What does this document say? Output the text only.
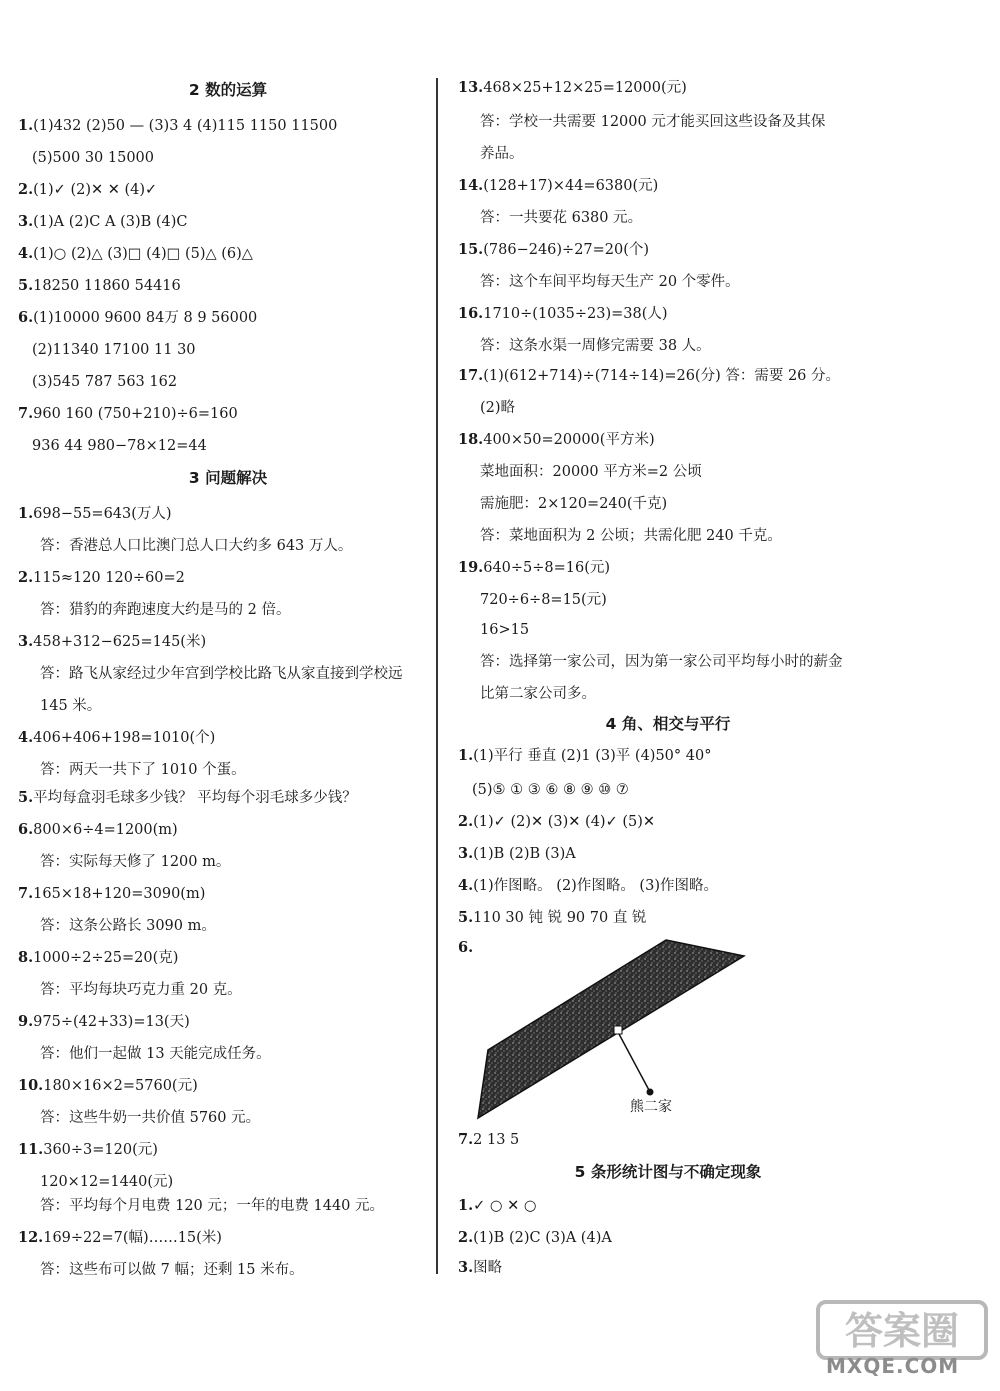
2 数的运算
1.(1)432 (2)50 — (3)3 4 (4)115 1150 11500
(5)500 30 15000
2.(1)✓ (2)✕ ✕ (4)✓
3.(1)A (2)C A (3)B (4)C
4.(1)○ (2)△ (3)□ (4)□ (5)△ (6)△
5.18250 11860 54416
6.(1)10000 9600 84万 8 9 56000
(2)11340 17100 11 30
(3)545 787 563 162
7.960 160 (750+210)÷6=160
936 44 980−78×12=44
3 问题解决
1.698−55=643(万人)
答：香港总人口比澳门总人口大约多 643 万人。
2.115≈120 120÷60=2
答：猎豹的奔跑速度大约是马的 2 倍。
3.458+312−625=145(米)
答：路飞从家经过少年宫到学校比路飞从家直接到学校远
145 米。
4.406+406+198=1010(个)
答：两天一共下了 1010 个蛋。
5.平均每盒羽毛球多少钱？ 平均每个羽毛球多少钱？
6.800×6÷4=1200(m)
答：实际每天修了 1200 m。
7.165×18+120=3090(m)
答：这条公路长 3090 m。
8.1000÷2÷25=20(克)
答：平均每块巧克力重 20 克。
9.975÷(42+33)=13(天)
答：他们一起做 13 天能完成任务。
10.180×16×2=5760(元)
答：这些牛奶一共价值 5760 元。
11.360÷3=120(元)
120×12=1440(元)
答：平均每个月电费 120 元；一年的电费 1440 元。
12.169÷22=7(幅)……15(米)
答：这些布可以做 7 幅；还剩 15 米布。
13.468×25+12×25=12000(元)
答：学校一共需要 12000 元才能买回这些设备及其保
养品。
14.(128+17)×44=6380(元)
答：一共要花 6380 元。
15.(786−246)÷27=20(个)
答：这个车间平均每天生产 20 个零件。
16.1710÷(1035÷23)=38(人)
答：这条水渠一周修完需要 38 人。
17.(1)(612+714)÷(714÷14)=26(分) 答：需要 26 分。
(2)略
18.400×50=20000(平方米)
菜地面积：20000 平方米=2 公顷
需施肥：2×120=240(千克)
答：菜地面积为 2 公顷；共需化肥 240 千克。
19.640÷5÷8=16(元)
720÷6÷8=15(元)
16>15
答：选择第一家公司，因为第一家公司平均每小时的薪金
比第二家公司多。
4 角、相交与平行
1.(1)平行 垂直 (2)1 (3)平 (4)50° 40°
(5)⑤ ① ③ ⑥ ⑧ ⑨ ⑩ ⑦
2.(1)✓ (2)✕ (3)✕ (4)✓ (5)✕
3.(1)B (2)B (3)A
4.(1)作图略。 (2)作图略。 (3)作图略。
5.110 30 钝 锐 90 70 直 锐
6.
7.2 13 5
5 条形统计图与不确定现象
1.✓ ○ ✕ ○
2.(1)B (2)C (3)A (4)A
3.图略
熊二家
答案圈
MXQE.COM
